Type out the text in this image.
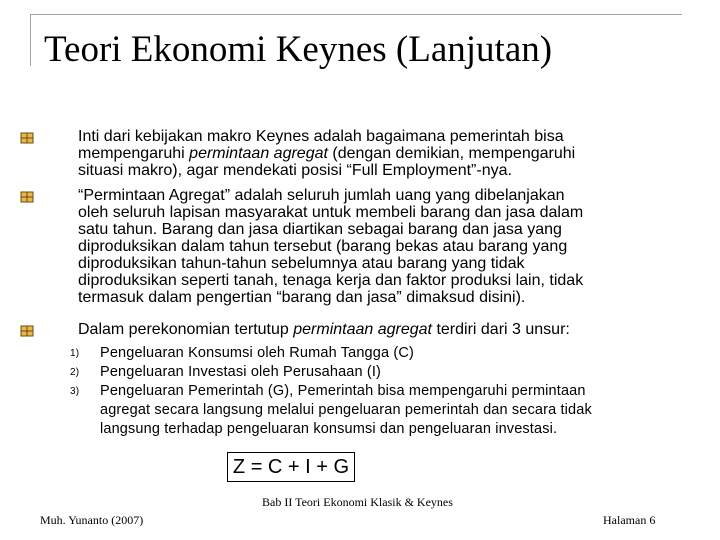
Teori Ekonomi Keynes (Lanjutan)

Inti dari kebijakan makro Keynes adalah bagaimana pemerintah bisa
mempengaruhi permintaan agregat (dengan demikian, mempengaruhi
situasi makro), agar mendekati posisi “Full Employment”-nya.

“Permintaan Agregat” adalah seluruh jumlah uang yang dibelanjakan
oleh seluruh lapisan masyarakat untuk membeli barang dan jasa dalam
satu tahun. Barang dan jasa diartikan sebagai barang dan jasa yang
diproduksikan dalam tahun tersebut (barang bekas atau barang yang
diproduksikan tahun-tahun sebelumnya atau barang yang tidak
diproduksikan seperti tanah, tenaga kerja dan faktor produksi lain, tidak
termasuk dalam pengertian “barang dan jasa” dimaksud disini).

Dalam perekonomian tertutup permintaan agregat terdiri dari 3 unsur:

1) Pengeluaran Konsumsi oleh Rumah Tangga (C)
2) Pengeluaran Investasi oleh Perusahaan (I)
3) Pengeluaran Pemerintah (G), Pemerintah bisa mempengaruhi permintaan
agregat secara langsung melalui pengeluaran pemerintah dan secara tidak
langsung terhadap pengeluaran konsumsi dan pengeluaran investasi.
Z = C + I + G
Bab II Teori Ekonomi Klasik & Keynes
Muh. Yunanto (2007)	Halaman 6
